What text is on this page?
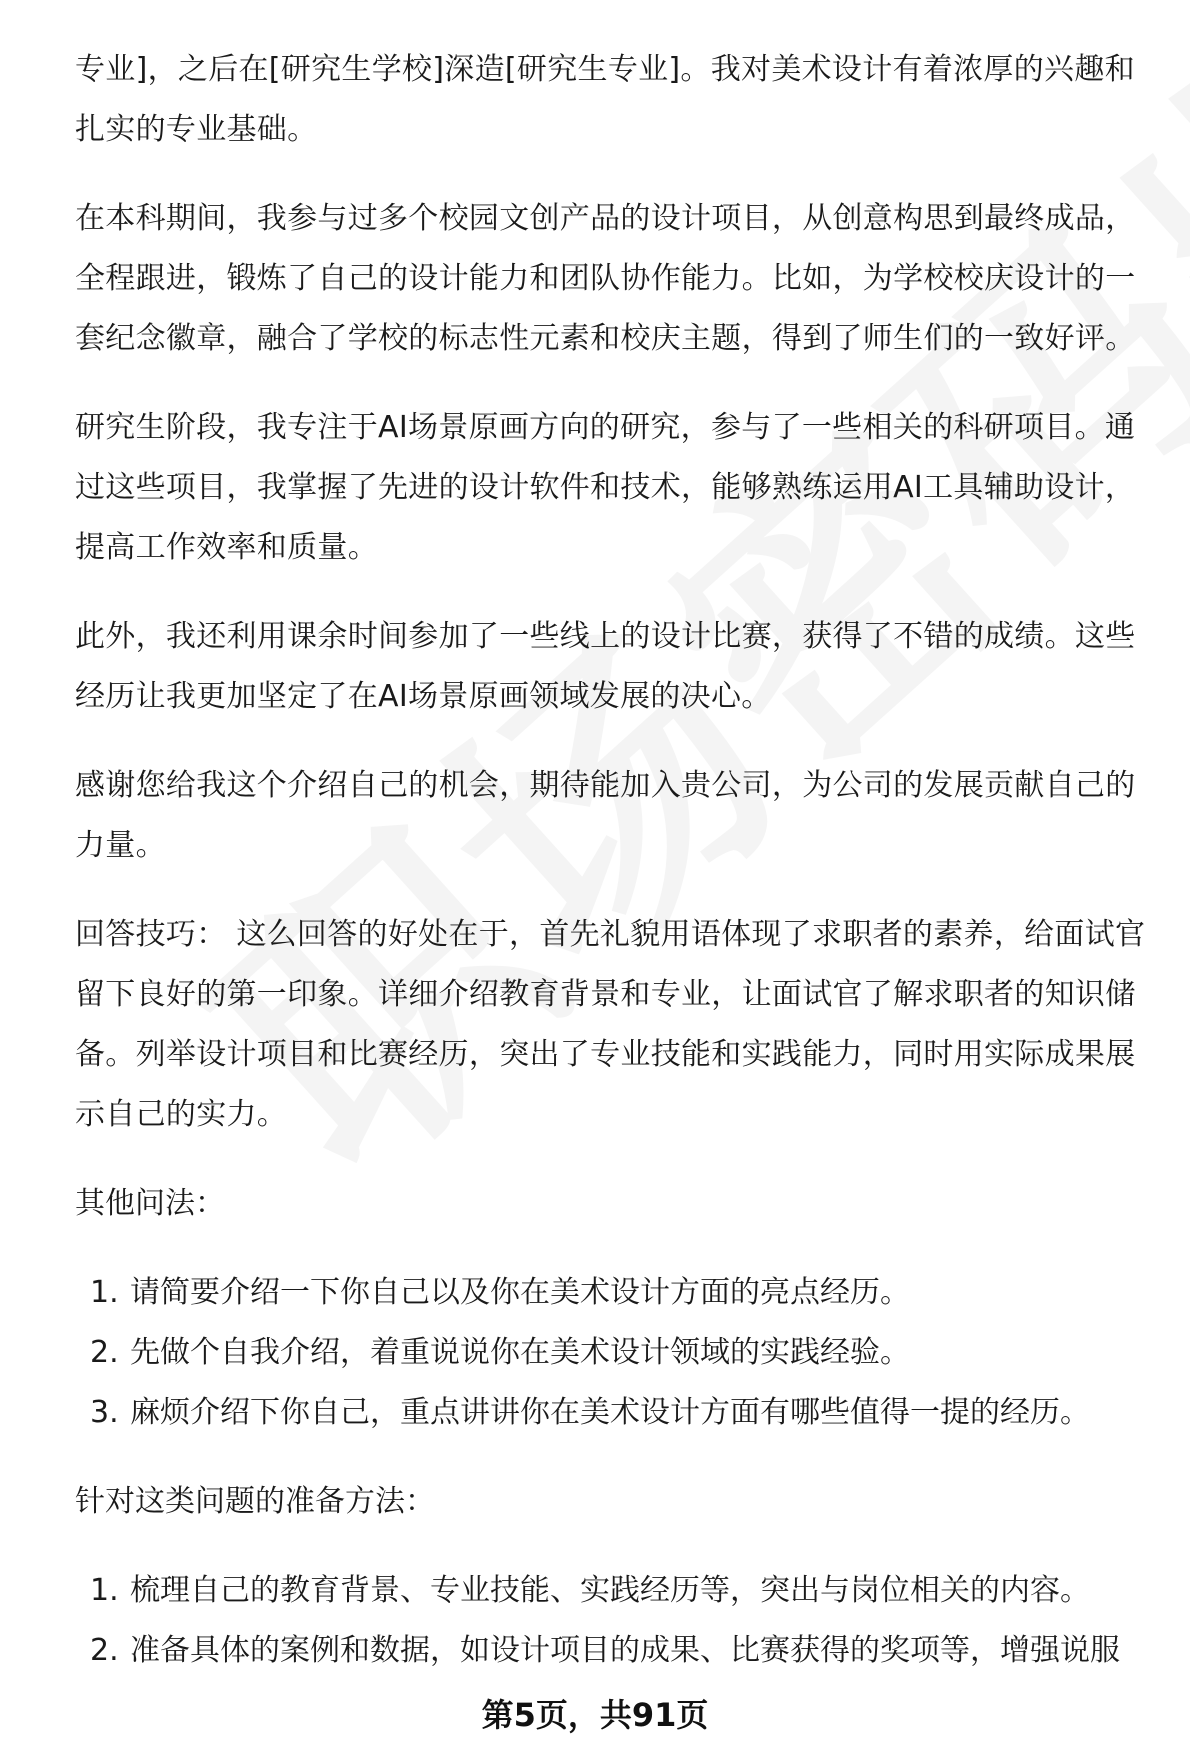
专业]，之后在[研究生学校]深造[研究生专业]。我对美术设计有着浓厚的兴趣和扎实的专业基础。

在本科期间，我参与过多个校园文创产品的设计项目，从创意构思到最终成品，全程跟进，锻炼了自己的设计能力和团队协作能力。比如，为学校校庆设计的一套纪念徽章，融合了学校的标志性元素和校庆主题，得到了师生们的一致好评。

研究生阶段，我专注于AI场景原画方向的研究，参与了一些相关的科研项目。通过这些项目，我掌握了先进的设计软件和技术，能够熟练运用AI工具辅助设计，提高工作效率和质量。

此外，我还利用课余时间参加了一些线上的设计比赛，获得了不错的成绩。这些经历让我更加坚定了在AI场景原画领域发展的决心。

感谢您给我这个介绍自己的机会，期待能加入贵公司，为公司的发展贡献自己的力量。

回答技巧： 这么回答的好处在于，首先礼貌用语体现了求职者的素养，给面试官留下良好的第一印象。详细介绍教育背景和专业，让面试官了解求职者的知识储备。列举设计项目和比赛经历，突出了专业技能和实践能力，同时用实际成果展示自己的实力。

其他问法：

1. 请简要介绍一下你自己以及你在美术设计方面的亮点经历。
2. 先做个自我介绍，着重说说你在美术设计领域的实践经验。
3. 麻烦介绍下你自己，重点讲讲你在美术设计方面有哪些值得一提的经历。

针对这类问题的准备方法：

1. 梳理自己的教育背景、专业技能、实践经历等，突出与岗位相关的内容。
2. 准备具体的案例和数据，如设计项目的成果、比赛获得的奖项等，增强说服
第5页，共91页
